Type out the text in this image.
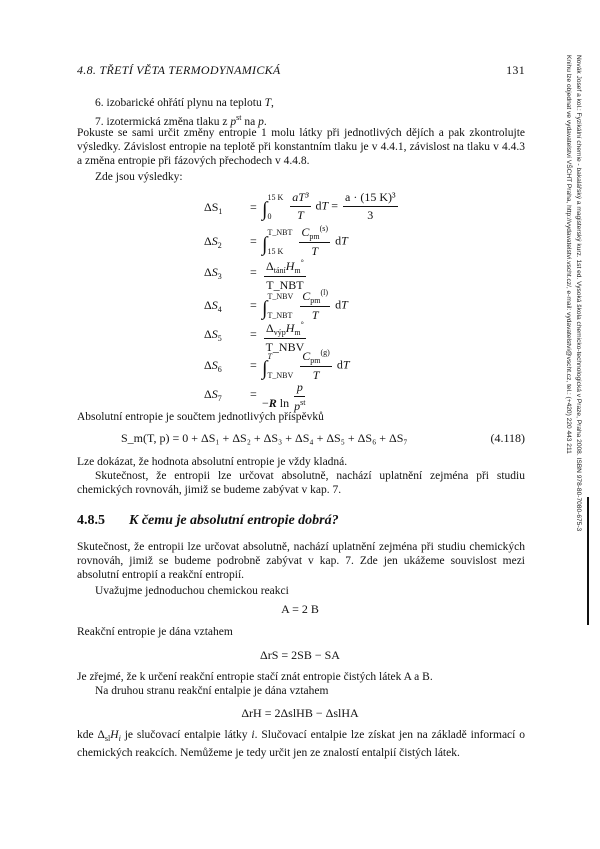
4.8. TŘETÍ VĚTA TERMODYNAMICKÁ	131	Novák Josef a kol.: Fyzikální chemie - bakalářský a magisterský kurz. 1st ed. Vysoká škola chemicko-technologická v Praze, Praha 2008. ISBN 978-80-7080-675-3
Knihu lze objednat ve vydavatelství VŠCHT Praha, http://vydavatelstvi.vscht.cz/, e-mail: vydavatelstvi@vscht.cz, tel.: (+420) 220 443 211
6. izobarické ohřátí plynu na teplotu T,
7. izotermická změna tlaku z $p^{st}$ na p.
Pokuste se sami určit změny entropie 1 molu látky při jednotlivých dějích a pak zkontrolujte výsledky. Závislost entropie na teplotě při konstantním tlaku je v 4.4.1, závislost na tlaku v 4.4.3 a změna entropie při fázových přechodech v 4.4.8.
Zde jsou výsledky:
$\Delta S_1$	= ∫
15 K
0
	$\frac{\text{aT³}}{T}$ dT = $\frac{\text{a · (15 K)³}}{3}$
$\Delta S_2$	= ∫
T_NBT
15 K
	$\frac{C_{pm}^{(s)}}{T}$ dT
$\Delta S_3$	= $\frac{\Delta_{tání}H_m^\circ}{\text{T\_NBT}}$
$\Delta S_4$	= ∫
T_NBV
T_NBT
$\frac{C_{pm}^{(l)}}{T}$ dT
$\Delta S_5$	= $\frac{\Delta_{výp}H_m^\circ}{\text{T\_NBV}}$
$\Delta S_6$	= ∫
T
T_NBV
$\frac{C_{pm}^{(g)}}{T}$ dT
$\Delta S_7$	=
−R $\ln \frac{p}{p^{st}}$
Absolutní entropie je součtem jednotlivých příspěvků
S_m(T, p) = 0 + ΔS₁ + ΔS₂ + ΔS₃ + ΔS₄ + ΔS₅ + ΔS₆ + ΔS₇	(4.118)
Lze dokázat, že hodnota absolutní entropie je vždy kladná.
Skutečnost, že entropii lze určovat absolutně, nachází uplatnění zejména při studiu chemických rovnováh, jimiž se budeme zabývat v kap. 7.
4.8.5 K čemu je absolutní entropie dobrá?
Skutečnost, že entropii lze určovat absolutně, nachází uplatnění zejména při studiu chemických rovnováh, jimiž se budeme podrobně zabývat v kap. 7. Zde jen ukážeme souvislost mezi absolutní entropií a reakční entropií.
Uvažujme jednoduchou chemickou reakci
A = 2 B
Reakční entropie je dána vztahem
ΔrS = 2SB − SA
Je zřejmé, že k určení reakční entropie stačí znát entropie čistých látek A a B.
Na druhou stranu reakční entalpie je dána vztahem
ΔrH = 2ΔslHB − ΔslHA
kde $\Delta_{sl}H_i$ je slučovací entalpie látky i. Slučovací entalpie lze získat jen na základě informací o chemických reakcích. Nemůžeme je tedy určit jen ze znalostí entalpií čistých látek.
